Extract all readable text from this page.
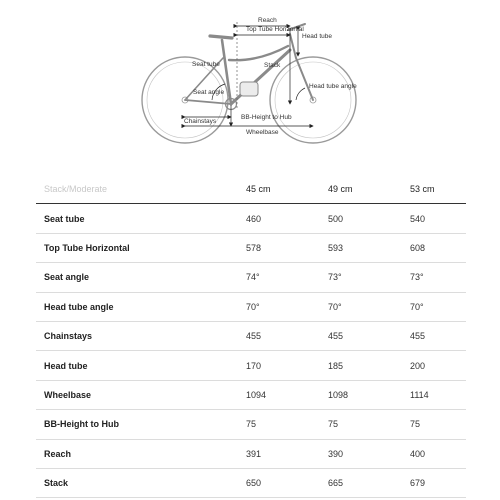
Reach
Top Tube Horizontal
Head tube
Seat tube	Stack
Head tube angle
Seat angle
Chainstays
BB-Height to Hub
Wheelbase
Stack/Moderate	45 cm	49 cm	53 cm
Seat tube	460	500	540
Top Tube Horizontal	578	593	608
Seat angle	74°	73°	73°
Head tube angle	70°	70°	70°
Chainstays	455	455	455
Head tube	170	185	200
Wheelbase	1094	1098	1114
BB-Height to Hub	75	75	75
Reach	391	390	400
Stack	650	665	679
